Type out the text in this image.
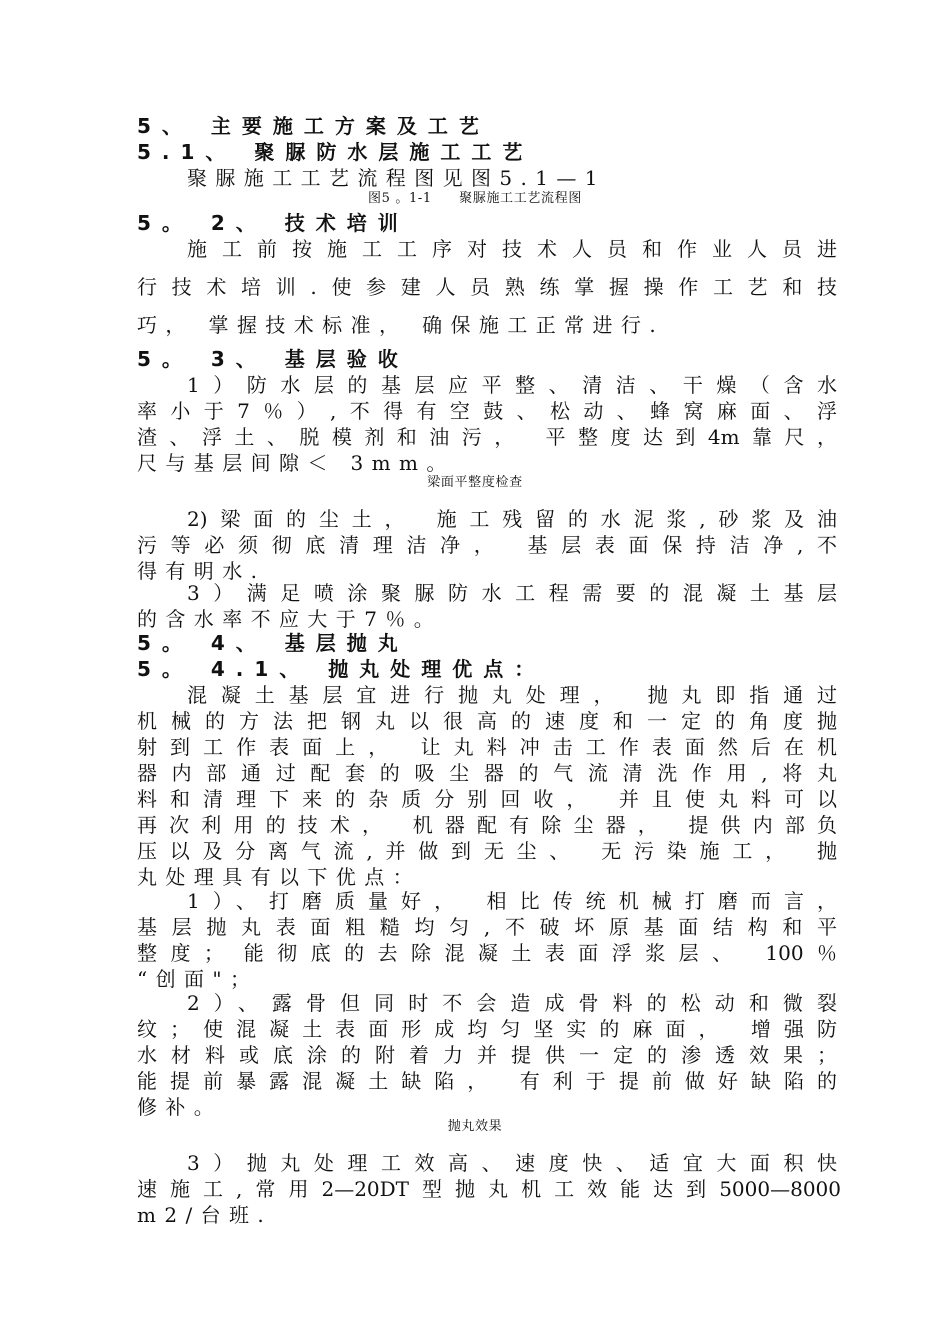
5、 主要施工方案及工艺
5.1、 聚脲防水层施工工艺
聚脲施工工艺流程图见图5.1—1
图5 。1-1　　聚脲施工工艺流程图
5。 2、 技术培训
施工前按施工工序对技术人员和作业人员进
行技术培训.使参建人员熟练掌握操作工艺和技
巧， 掌握技术标准， 确保施工正常进行.
5。 3、 基层验收
1）防水层的基层应平整、清洁、干燥（含水
率小于7％）,不得有空鼓、松动、蜂窝麻面、浮
渣、浮土、脱模剂和油污， 平整度达到4m靠尺，
尺与基层间隙＜ 3mm。
梁面平整度检查
2)梁面的尘土， 施工残留的水泥浆,砂浆及油
污等必须彻底清理洁净， 基层表面保持洁净,不
得有明水.
3）满足喷涂聚脲防水工程需要的混凝土基层
的含水率不应大于7％。
5。 4、 基层抛丸
5。 4.1、 抛丸处理优点：
混凝土基层宜进行抛丸处理， 抛丸即指通过
机械的方法把钢丸以很高的速度和一定的角度抛
射到工作表面上， 让丸料冲击工作表面然后在机
器内部通过配套的吸尘器的气流清洗作用,将丸
料和清理下来的杂质分别回收， 并且使丸料可以
再次利用的技术， 机器配有除尘器， 提供内部负
压以及分离气流,并做到无尘、 无污染施工， 抛
丸处理具有以下优点：
1）、打磨质量好， 相比传统机械打磨而言，
基层抛丸表面粗糙均匀,不破坏原基面结构和平
整度； 能彻底的去除混凝土表面浮浆层、 100％
“创面"；
2）、露骨但同时不会造成骨料的松动和微裂
纹；使混凝土表面形成均匀坚实的麻面， 增强防
水材料或底涂的附着力并提供一定的渗透效果；
能提前暴露混凝土缺陷， 有利于提前做好缺陷的
修补。
抛丸效果
3）抛丸处理工效高、速度快、适宜大面积快
速施工,常用2—20DT型抛丸机工效能达到5000—8000
m2/台班.
